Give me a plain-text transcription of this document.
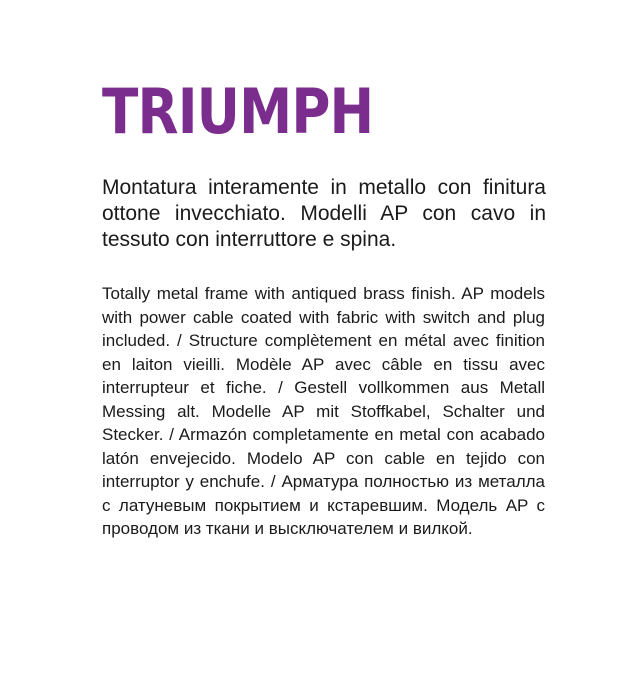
TRIUMPH

Montatura interamente in metallo con finitura ottone invecchiato. Modelli AP con cavo in tessuto con interruttore e spina.

Totally metal frame with antiqued brass finish. AP models with power cable coated with fabric with switch and plug included. / Structure complètement en métal avec finition en laiton vieilli. Modèle AP avec câble en tissu avec interrupteur et fiche. / Gestell vollkommen aus Metall Messing alt. Modelle AP mit Stoffkabel, Schalter und Stecker. / Armazón completamente en metal con acabado latón envejecido. Modelo AP con cable en tejido con interruptor y enchufe. / Арматура полностью из металла с латуневым покрытием и кстаревшим. Модель AP с проводом из ткани и высключателем и вилкой.
